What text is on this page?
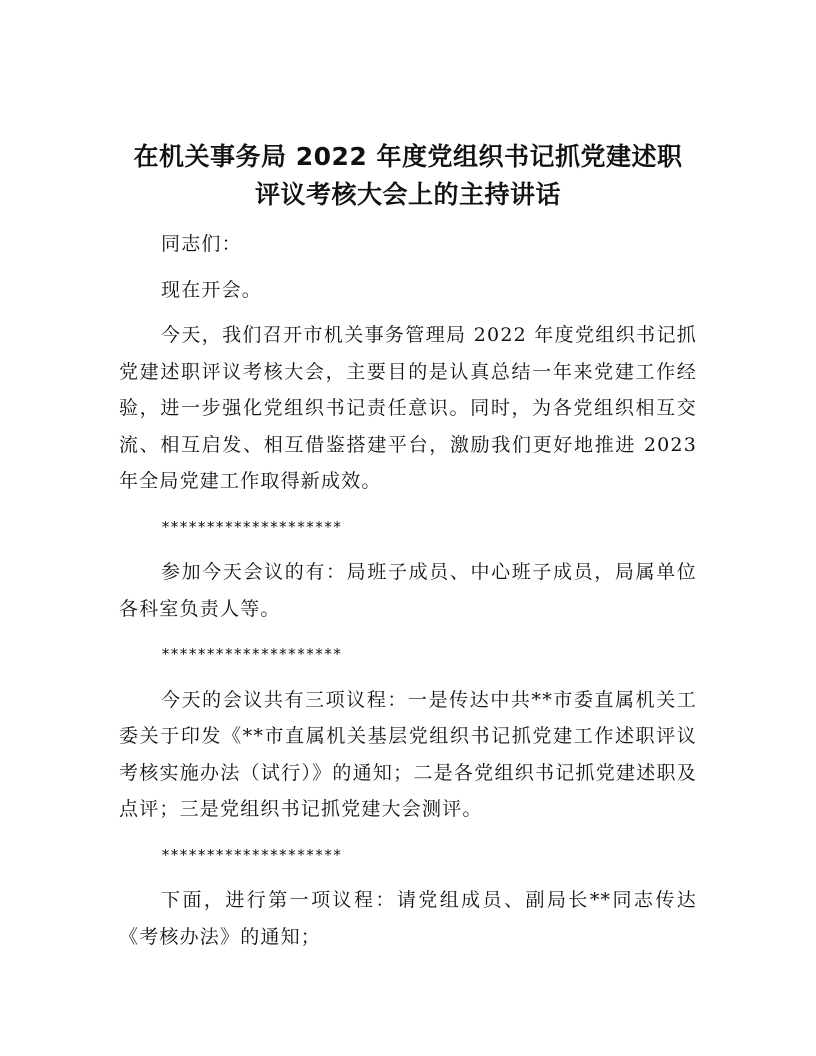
在机关事务局 2022 年度党组织书记抓党建述职
评议考核大会上的主持讲话

同志们：

现在开会。

今天，我们召开市机关事务管理局 2022 年度党组织书记抓党建述职评议考核大会，主要目的是认真总结一年来党建工作经验，进一步强化党组织书记责任意识。同时，为各党组织相互交流、相互启发、相互借鉴搭建平台，激励我们更好地推进 2023 年全局党建工作取得新成效。

********************

参加今天会议的有：局班子成员、中心班子成员，局属单位各科室负责人等。

********************

今天的会议共有三项议程：一是传达中共**市委直属机关工委关于印发《**市直属机关基层党组织书记抓党建工作述职评议考核实施办法（试行）》的通知；二是各党组织书记抓党建述职及点评；三是党组织书记抓党建大会测评。

********************

下面，进行第一项议程：请党组成员、副局长**同志传达《考核办法》的通知；
